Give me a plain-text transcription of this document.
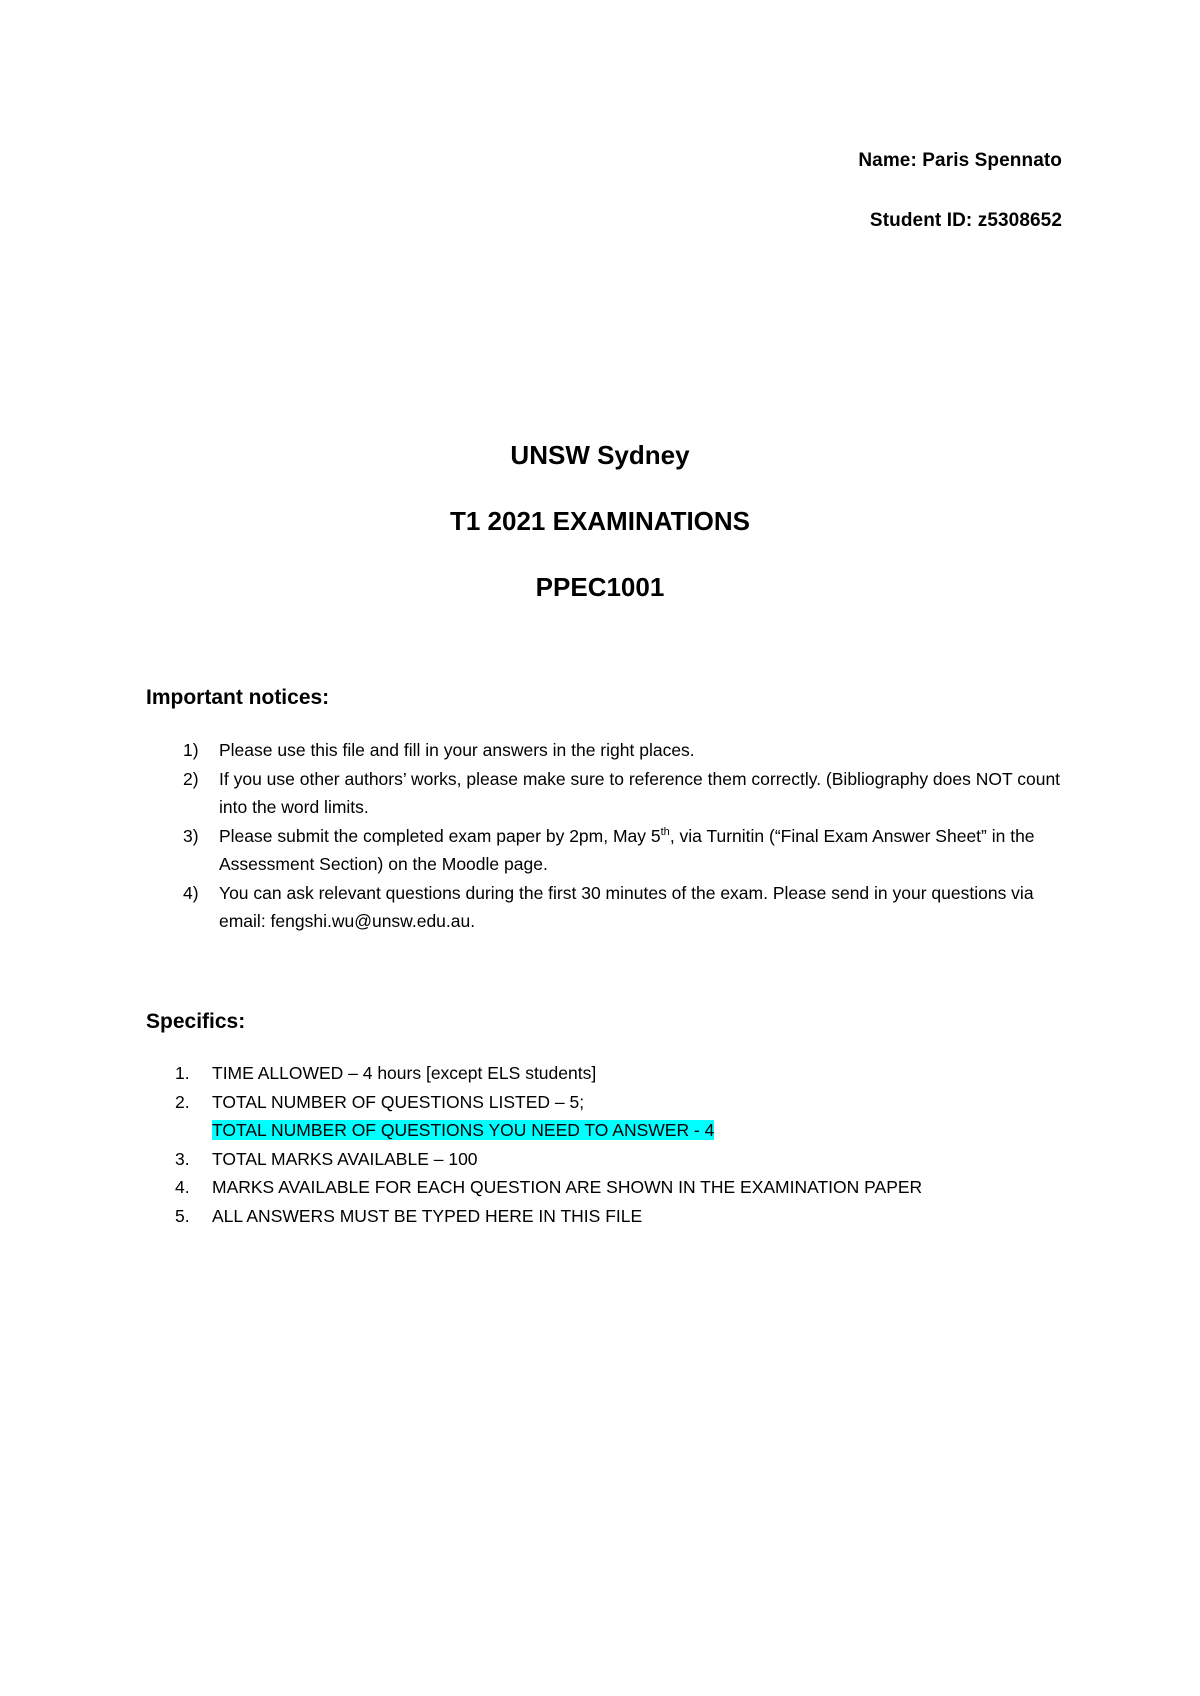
Name: Paris Spennato
Student ID: z5308652
UNSW Sydney
T1 2021 EXAMINATIONS
PPEC1001
Important notices:
1) Please use this file and fill in your answers in the right places.
2) If you use other authors’ works, please make sure to reference them correctly. (Bibliography does NOT count into the word limits.
3) Please submit the completed exam paper by 2pm, May 5th, via Turnitin (“Final Exam Answer Sheet” in the Assessment Section) on the Moodle page.
4) You can ask relevant questions during the first 30 minutes of the exam. Please send in your questions via email: fengshi.wu@unsw.edu.au.
Specifics:
1. TIME ALLOWED – 4 hours [except ELS students]
2. TOTAL NUMBER OF QUESTIONS LISTED – 5;
TOTAL NUMBER OF QUESTIONS YOU NEED TO ANSWER - 4
3. TOTAL MARKS AVAILABLE – 100
4. MARKS AVAILABLE FOR EACH QUESTION ARE SHOWN IN THE EXAMINATION PAPER
5. ALL ANSWERS MUST BE TYPED HERE IN THIS FILE
